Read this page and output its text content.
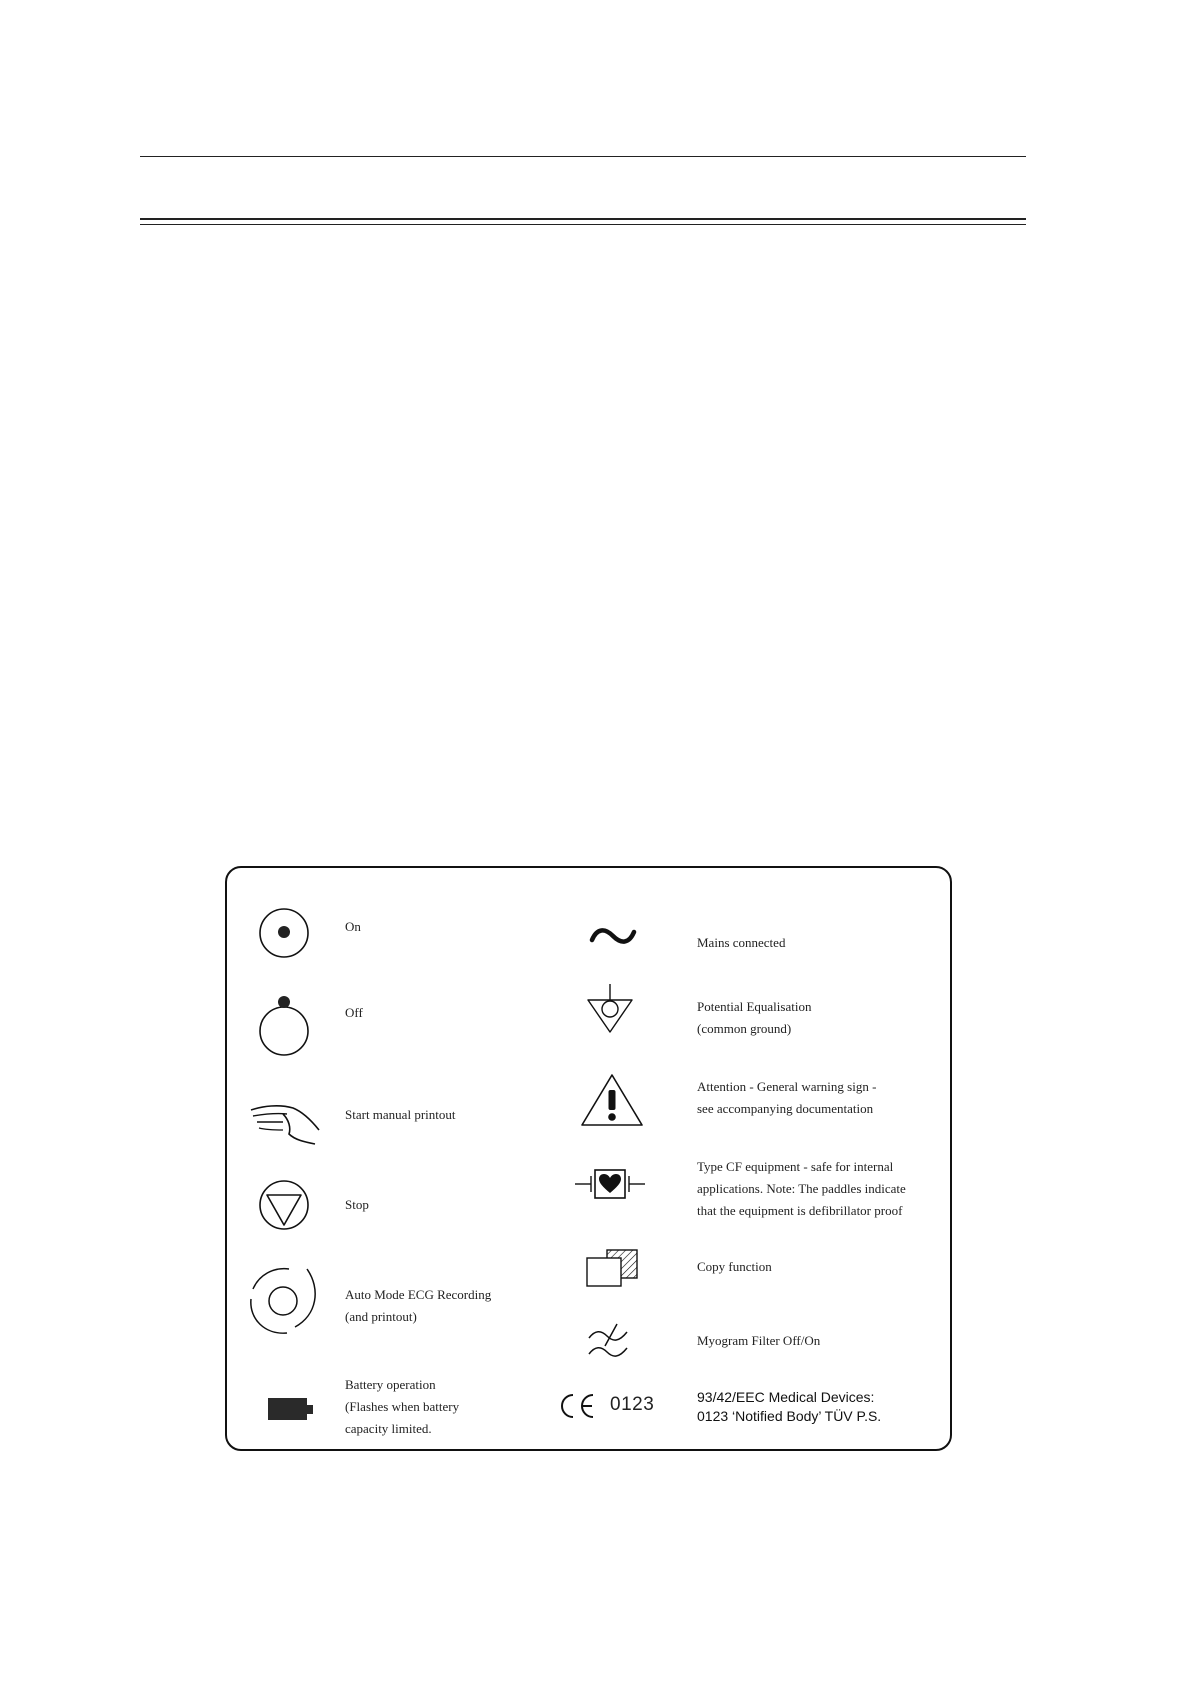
On
Off
Start manual printout
Stop
Auto Mode ECG Recording
(and printout)
Battery operation
(Flashes when battery
capacity limited.
Mains connected
Potential Equalisation
(common ground)
Attention - General warning sign -
see accompanying documentation
Type CF equipment - safe for internal
applications. Note: The paddles indicate
that the equipment is defibrillator proof
Copy function
Myogram Filter Off/On
0123	93/42/EEC Medical Devices:
0123 ‘Notified Body’ TÜV P.S.
